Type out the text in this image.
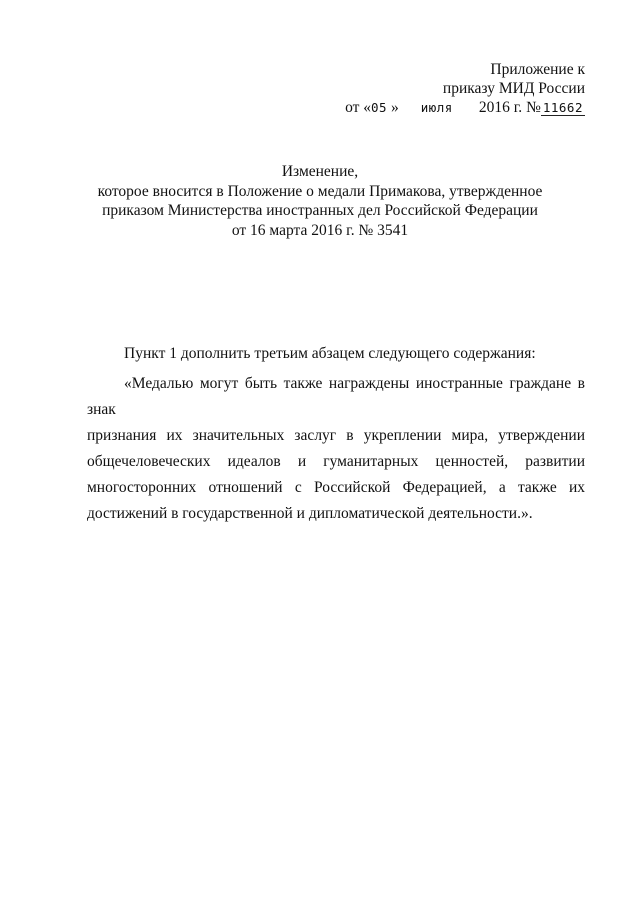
Приложение к
приказу МИД России
от «05 » июля 2016 г. № 11662
Изменение,
которое вносится в Положение о медали Примакова, утвержденное
приказом Министерства иностранных дел Российской Федерации
от 16 марта 2016 г. № 3541

Пункт 1 дополнить третьим абзацем следующего содержания:

«Медалью могут быть также награждены иностранные граждане в знак

признания их значительных заслуг в укреплении мира, утверждении

общечеловеческих идеалов и гуманитарных ценностей, развитии

многосторонних отношений с Российской Федерацией, а также их

достижений в государственной и дипломатической деятельности.».
